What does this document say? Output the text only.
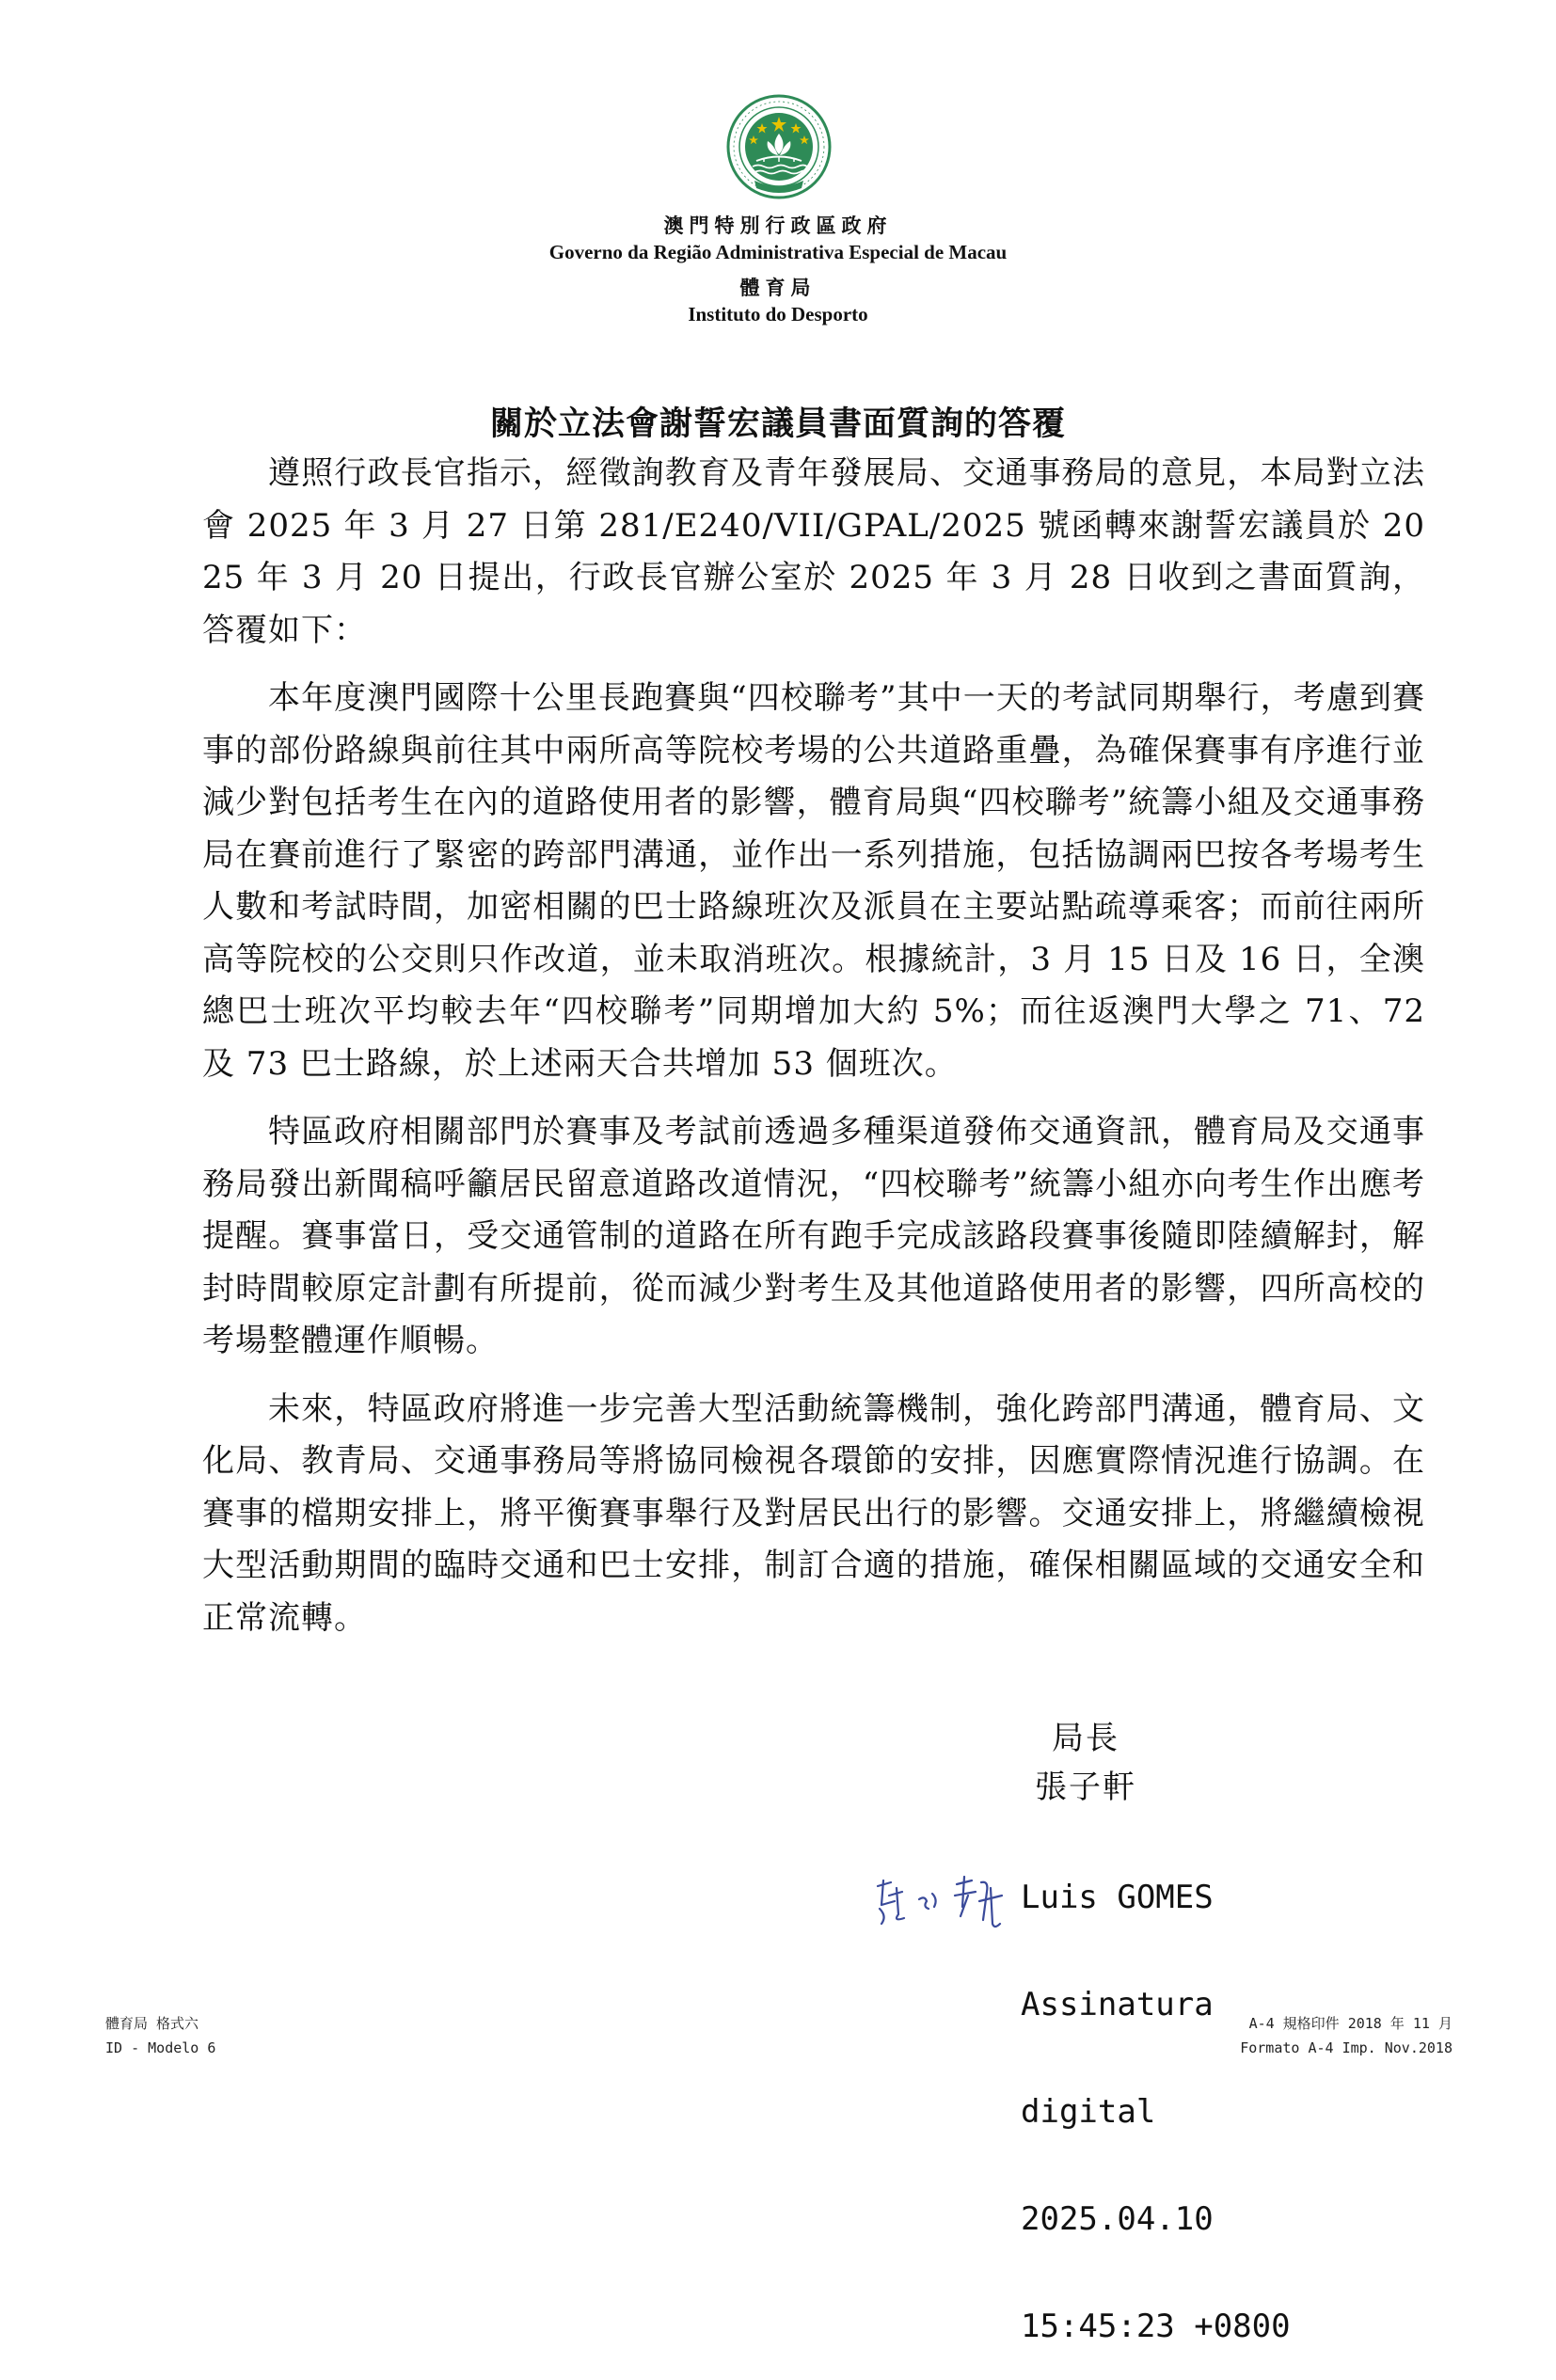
澳門特別行政區政府
Governo da Região Administrativa Especial de Macau
體育局
Instituto do Desporto
關於立法會謝誓宏議員書面質詢的答覆

遵照行政長官指示，經徵詢教育及青年發展局、交通事務局的意見，本局對立法會 2025 年 3 月 27 日第 281/E240/VII/GPAL/2025 號函轉來謝誓宏議員於 2025 年 3 月 20 日提出，行政長官辦公室於 2025 年 3 月 28 日收到之書面質詢，答覆如下：

本年度澳門國際十公里長跑賽與“四校聯考”其中一天的考試同期舉行，考慮到賽事的部份路線與前往其中兩所高等院校考場的公共道路重疊，為確保賽事有序進行並減少對包括考生在內的道路使用者的影響，體育局與“四校聯考”統籌小組及交通事務局在賽前進行了緊密的跨部門溝通，並作出一系列措施，包括協調兩巴按各考場考生人數和考試時間，加密相關的巴士路線班次及派員在主要站點疏導乘客；而前往兩所高等院校的公交則只作改道，並未取消班次。根據統計，3 月 15 日及 16 日，全澳總巴士班次平均較去年“四校聯考”同期增加大約 5%；而往返澳門大學之 71、72 及 73 巴士路線，於上述兩天合共增加 53 個班次。

特區政府相關部門於賽事及考試前透過多種渠道發佈交通資訊，體育局及交通事務局發出新聞稿呼籲居民留意道路改道情況，“四校聯考”統籌小組亦向考生作出應考提醒。賽事當日，受交通管制的道路在所有跑手完成該路段賽事後隨即陸續解封，解封時間較原定計劃有所提前，從而減少對考生及其他道路使用者的影響，四所高校的考場整體運作順暢。

未來，特區政府將進一步完善大型活動統籌機制，強化跨部門溝通，體育局、文化局、教青局、交通事務局等將協同檢視各環節的安排，因應實際情況進行協調。在賽事的檔期安排上，將平衡賽事舉行及對居民出行的影響。交通安排上，將繼續檢視大型活動期間的臨時交通和巴士安排，制訂合適的措施，確保相關區域的交通安全和正常流轉。

局長
張子軒

Luis GOMES

Assinatura

digital

2025.04.10

15:45:23 +0800

體育局 格式六
ID - Modelo 6
A-4 規格印件 2018 年 11 月
Formato A-4 Imp. Nov.2018
